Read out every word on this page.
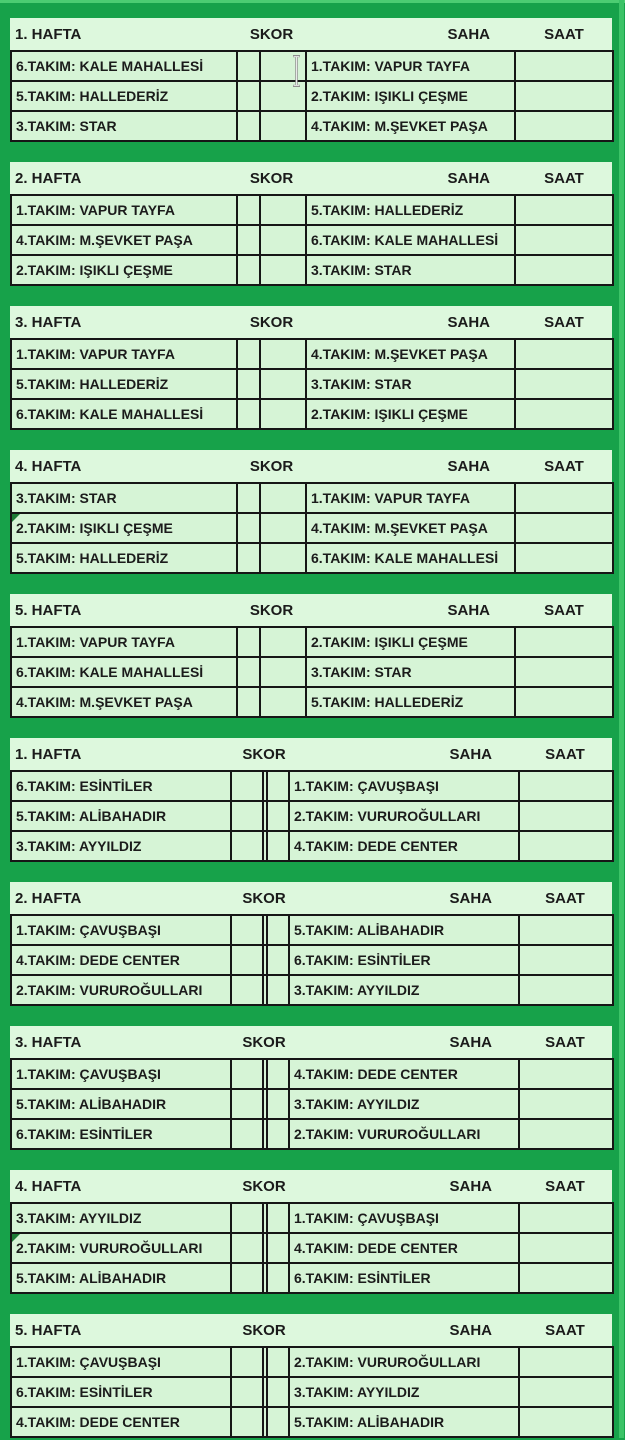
1. HAFTA	SKOR	SAHA	SAAT
6.TAKIM: KALE MAHALLESİ			1.TAKIM: VAPUR TAYFA	
5.TAKIM: HALLEDERİZ			2.TAKIM: IŞIKLI ÇEŞME	
3.TAKIM: STAR			4.TAKIM: M.ŞEVKET PAŞA	
2. HAFTA	SKOR	SAHA	SAAT
1.TAKIM: VAPUR TAYFA			5.TAKIM: HALLEDERİZ	
4.TAKIM: M.ŞEVKET PAŞA			6.TAKIM: KALE MAHALLESİ	
2.TAKIM: IŞIKLI ÇEŞME			3.TAKIM: STAR	
3. HAFTA	SKOR	SAHA	SAAT
1.TAKIM: VAPUR TAYFA			4.TAKIM: M.ŞEVKET PAŞA	
5.TAKIM: HALLEDERİZ			3.TAKIM: STAR	
6.TAKIM: KALE MAHALLESİ			2.TAKIM: IŞIKLI ÇEŞME	
4. HAFTA	SKOR	SAHA	SAAT
3.TAKIM: STAR			1.TAKIM: VAPUR TAYFA	
2.TAKIM: IŞIKLI ÇEŞME			4.TAKIM: M.ŞEVKET PAŞA	
5.TAKIM: HALLEDERİZ			6.TAKIM: KALE MAHALLESİ	
5. HAFTA	SKOR	SAHA	SAAT
1.TAKIM: VAPUR TAYFA			2.TAKIM: IŞIKLI ÇEŞME	
6.TAKIM: KALE MAHALLESİ			3.TAKIM: STAR	
4.TAKIM: M.ŞEVKET PAŞA			5.TAKIM: HALLEDERİZ	
1. HAFTA	SKOR	SAHA	SAAT
6.TAKIM: ESİNTİLER				1.TAKIM: ÇAVUŞBAŞI	
5.TAKIM: ALİBAHADIR				2.TAKIM: VURUROĞULLARI	
3.TAKIM: AYYILDIZ				4.TAKIM: DEDE CENTER	
2. HAFTA	SKOR	SAHA	SAAT
1.TAKIM: ÇAVUŞBAŞI				5.TAKIM: ALİBAHADIR	
4.TAKIM: DEDE CENTER				6.TAKIM: ESİNTİLER	
2.TAKIM: VURUROĞULLARI				3.TAKIM: AYYILDIZ	
3. HAFTA	SKOR	SAHA	SAAT
1.TAKIM: ÇAVUŞBAŞI				4.TAKIM: DEDE CENTER	
5.TAKIM: ALİBAHADIR				3.TAKIM: AYYILDIZ	
6.TAKIM: ESİNTİLER				2.TAKIM: VURUROĞULLARI	
4. HAFTA	SKOR	SAHA	SAAT
3.TAKIM: AYYILDIZ				1.TAKIM: ÇAVUŞBAŞI	
2.TAKIM: VURUROĞULLARI				4.TAKIM: DEDE CENTER	
5.TAKIM: ALİBAHADIR				6.TAKIM: ESİNTİLER	
5. HAFTA	SKOR	SAHA	SAAT
1.TAKIM: ÇAVUŞBAŞI				2.TAKIM: VURUROĞULLARI	
6.TAKIM: ESİNTİLER				3.TAKIM: AYYILDIZ	
4.TAKIM: DEDE CENTER				5.TAKIM: ALİBAHADIR	
